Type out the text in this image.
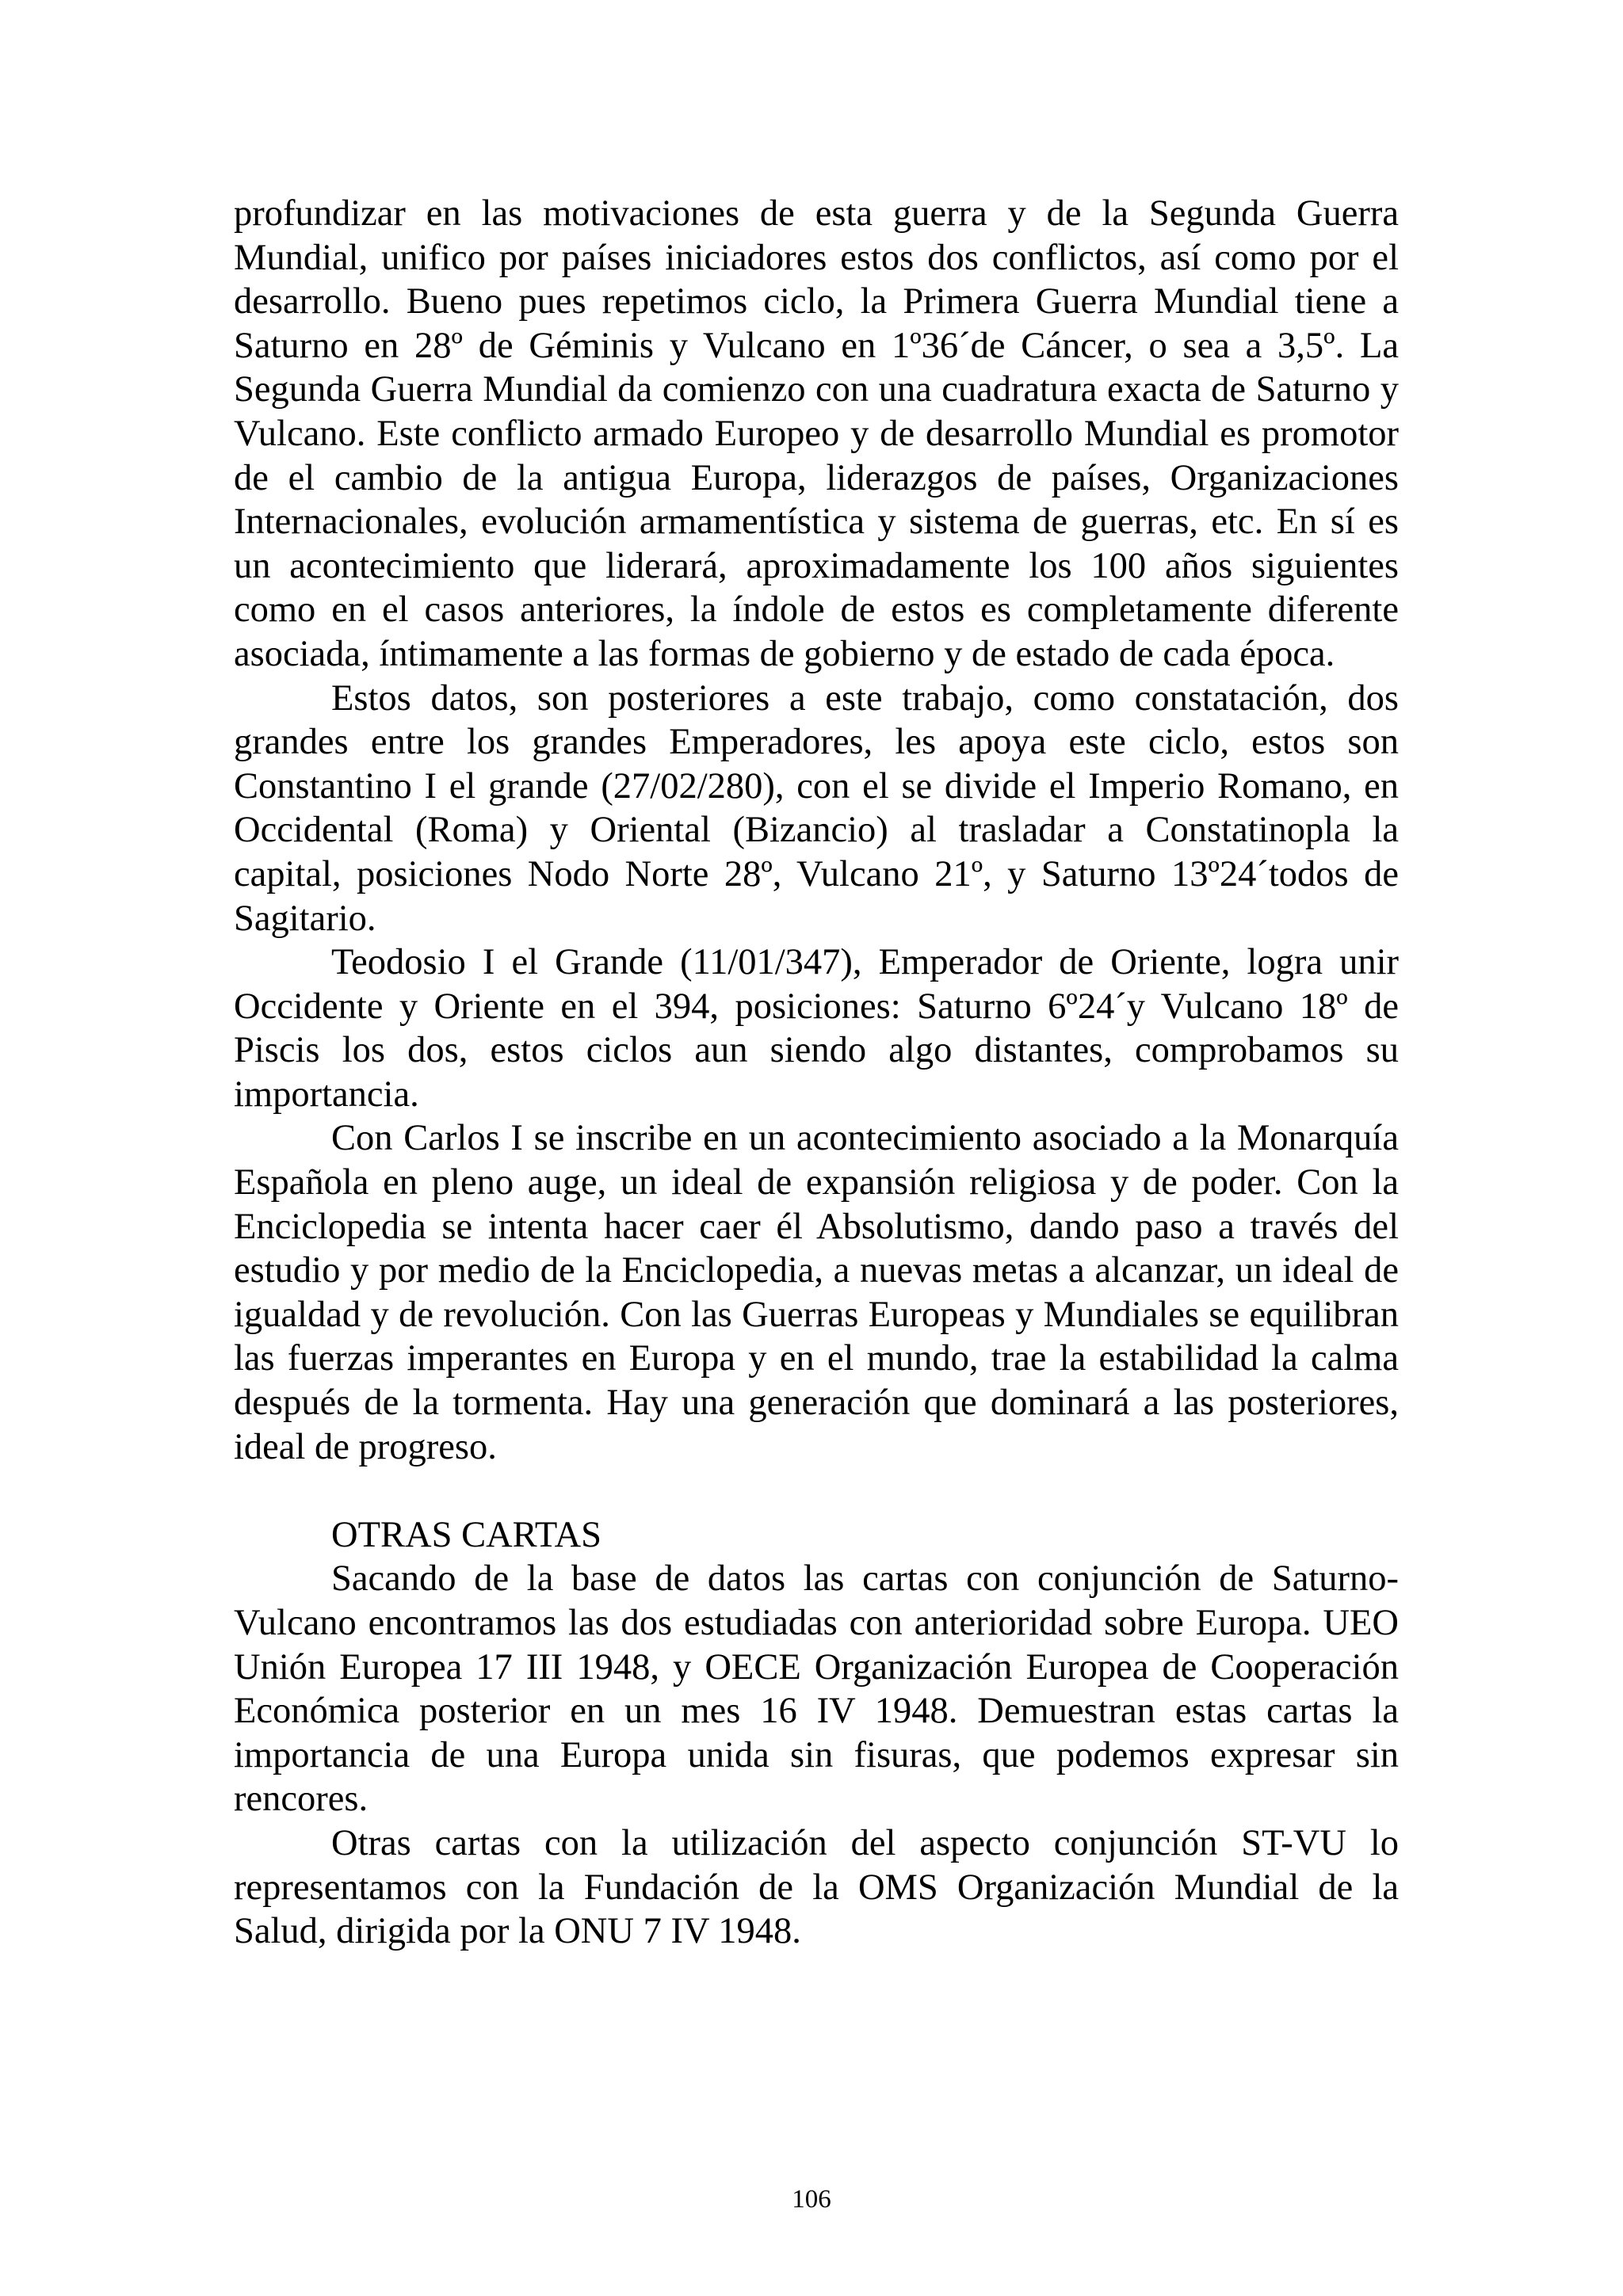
profundizar en las motivaciones de esta guerra y de la Segunda Guerra Mundial, unifico por países iniciadores estos dos conflictos, así como por el desarrollo. Bueno pues repetimos ciclo, la Primera Guerra Mundial tiene a Saturno en 28º de Géminis y Vulcano en 1º36´de Cáncer, o sea a 3,5º. La Segunda Guerra Mundial da comienzo con una cuadratura exacta de Saturno y Vulcano. Este conflicto armado Europeo y de desarrollo Mundial es promotor de el cambio de la antigua Europa, liderazgos de países, Organizaciones Internacionales, evolución armamentística y sistema de guerras, etc. En sí es un acontecimiento que liderará, aproximadamente los 100 años siguientes como en el casos anteriores, la índole de estos es completamente diferente asociada, íntimamente a las formas de gobierno y de estado de cada época.

Estos datos, son posteriores a este trabajo, como constatación, dos grandes entre los grandes Emperadores, les apoya este ciclo, estos son Constantino I el grande (27/02/280), con el se divide el Imperio Romano, en Occidental (Roma) y Oriental (Bizancio) al trasladar a Constatinopla la capital, posiciones Nodo Norte 28º, Vulcano 21º, y Saturno 13º24´todos de Sagitario.

Teodosio I el Grande (11/01/347), Emperador de Oriente, logra unir Occidente y Oriente en el 394, posiciones: Saturno 6º24´y Vulcano 18º de Piscis los dos, estos ciclos aun siendo algo distantes, comprobamos su importancia.

Con Carlos I se inscribe en un acontecimiento asociado a la Monarquía Española en pleno auge, un ideal de expansión religiosa y de poder. Con la Enciclopedia se intenta hacer caer él Absolutismo, dando paso a través del estudio y por medio de la Enciclopedia, a nuevas metas a alcanzar, un ideal de igualdad y de revolución. Con las Guerras Europeas y Mundiales se equilibran las fuerzas imperantes en Europa y en el mundo, trae la estabilidad la calma después de la tormenta. Hay una generación que dominará a las posteriores, ideal de progreso.

OTRAS CARTAS

Sacando de la base de datos las cartas con conjunción de Saturno-Vulcano encontramos las dos estudiadas con anterioridad sobre Europa. UEO Unión Europea 17 III 1948, y OECE Organización Europea de Cooperación Económica posterior en un mes 16 IV 1948. Demuestran estas cartas la importancia de una Europa unida sin fisuras, que podemos expresar sin rencores.

Otras cartas con la utilización del aspecto conjunción ST-VU lo representamos con la Fundación de la OMS Organización Mundial de la Salud, dirigida por la ONU 7 IV 1948.

106
